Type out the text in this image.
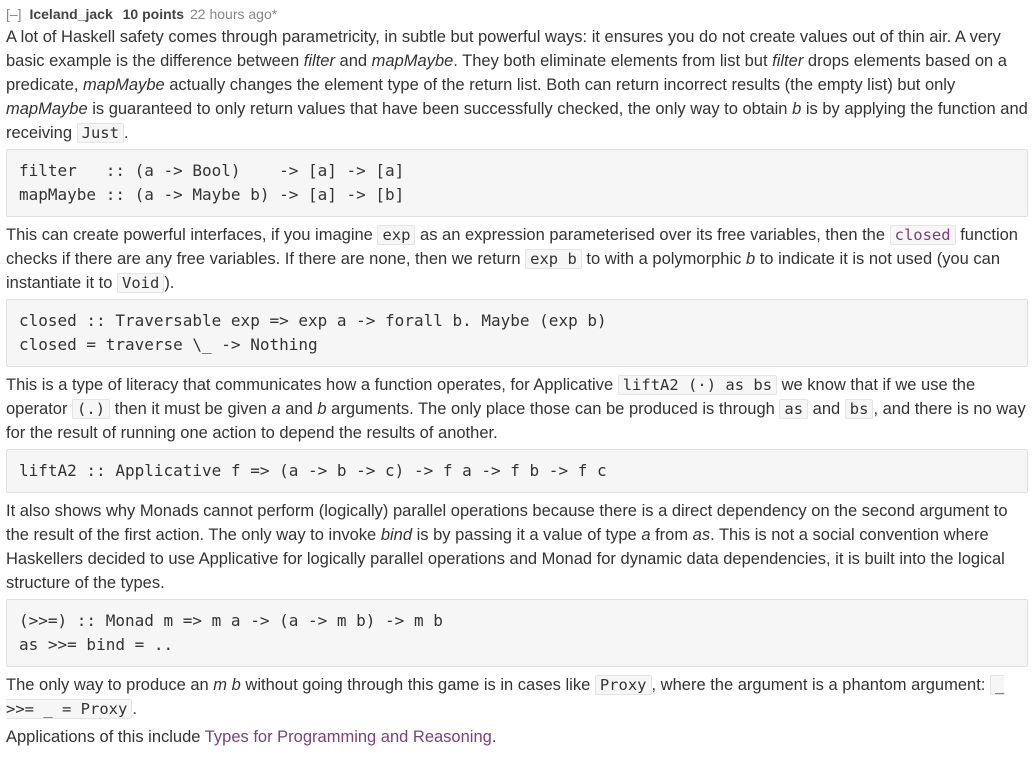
[–] Iceland_jack 10 points 22 hours ago*

A lot of Haskell safety comes through parametricity, in subtle but powerful ways: it ensures you do not create values out of thin air. A very basic example is the difference between filter and mapMaybe. They both eliminate elements from list but filter drops elements based on a predicate, mapMaybe actually changes the element type of the return list. Both can return incorrect results (the empty list) but only mapMaybe is guaranteed to only return values that have been successfully checked, the only way to obtain b is by applying the function and receiving Just .

filter   :: (a -> Bool)    -> [a] -> [a]
mapMaybe :: (a -> Maybe b) -> [a] -> [b]

This can create powerful interfaces, if you imagine exp as an expression parameterised over its free variables, then the closed function checks if there are any free variables. If there are none, then we return exp b to with a polymorphic b to indicate it is not used (you can instantiate it to Void ).

closed :: Traversable exp => exp a -> forall b. Maybe (exp b)
closed = traverse \_ -> Nothing

This is a type of literacy that communicates how a function operates, for Applicative liftA2 (·) as bs we know that if we use the operator (.) then it must be given a and b arguments. The only place those can be produced is through as and bs , and there is no way for the result of running one action to depend the results of another.

liftA2 :: Applicative f => (a -> b -> c) -> f a -> f b -> f c

It also shows why Monads cannot perform (logically) parallel operations because there is a direct dependency on the second argument to the result of the first action. The only way to invoke bind is by passing it a value of type a from as. This is not a social convention where Haskellers decided to use Applicative for logically parallel operations and Monad for dynamic data dependencies, it is built into the logical structure of the types.

(>>=) :: Monad m => m a -> (a -> m b) -> m b
as >>= bind = ..

The only way to produce an m b without going through this game is in cases like Proxy , where the argument is a phantom argument: _ >>= _ = Proxy .

Applications of this include Types for Programming and Reasoning.
